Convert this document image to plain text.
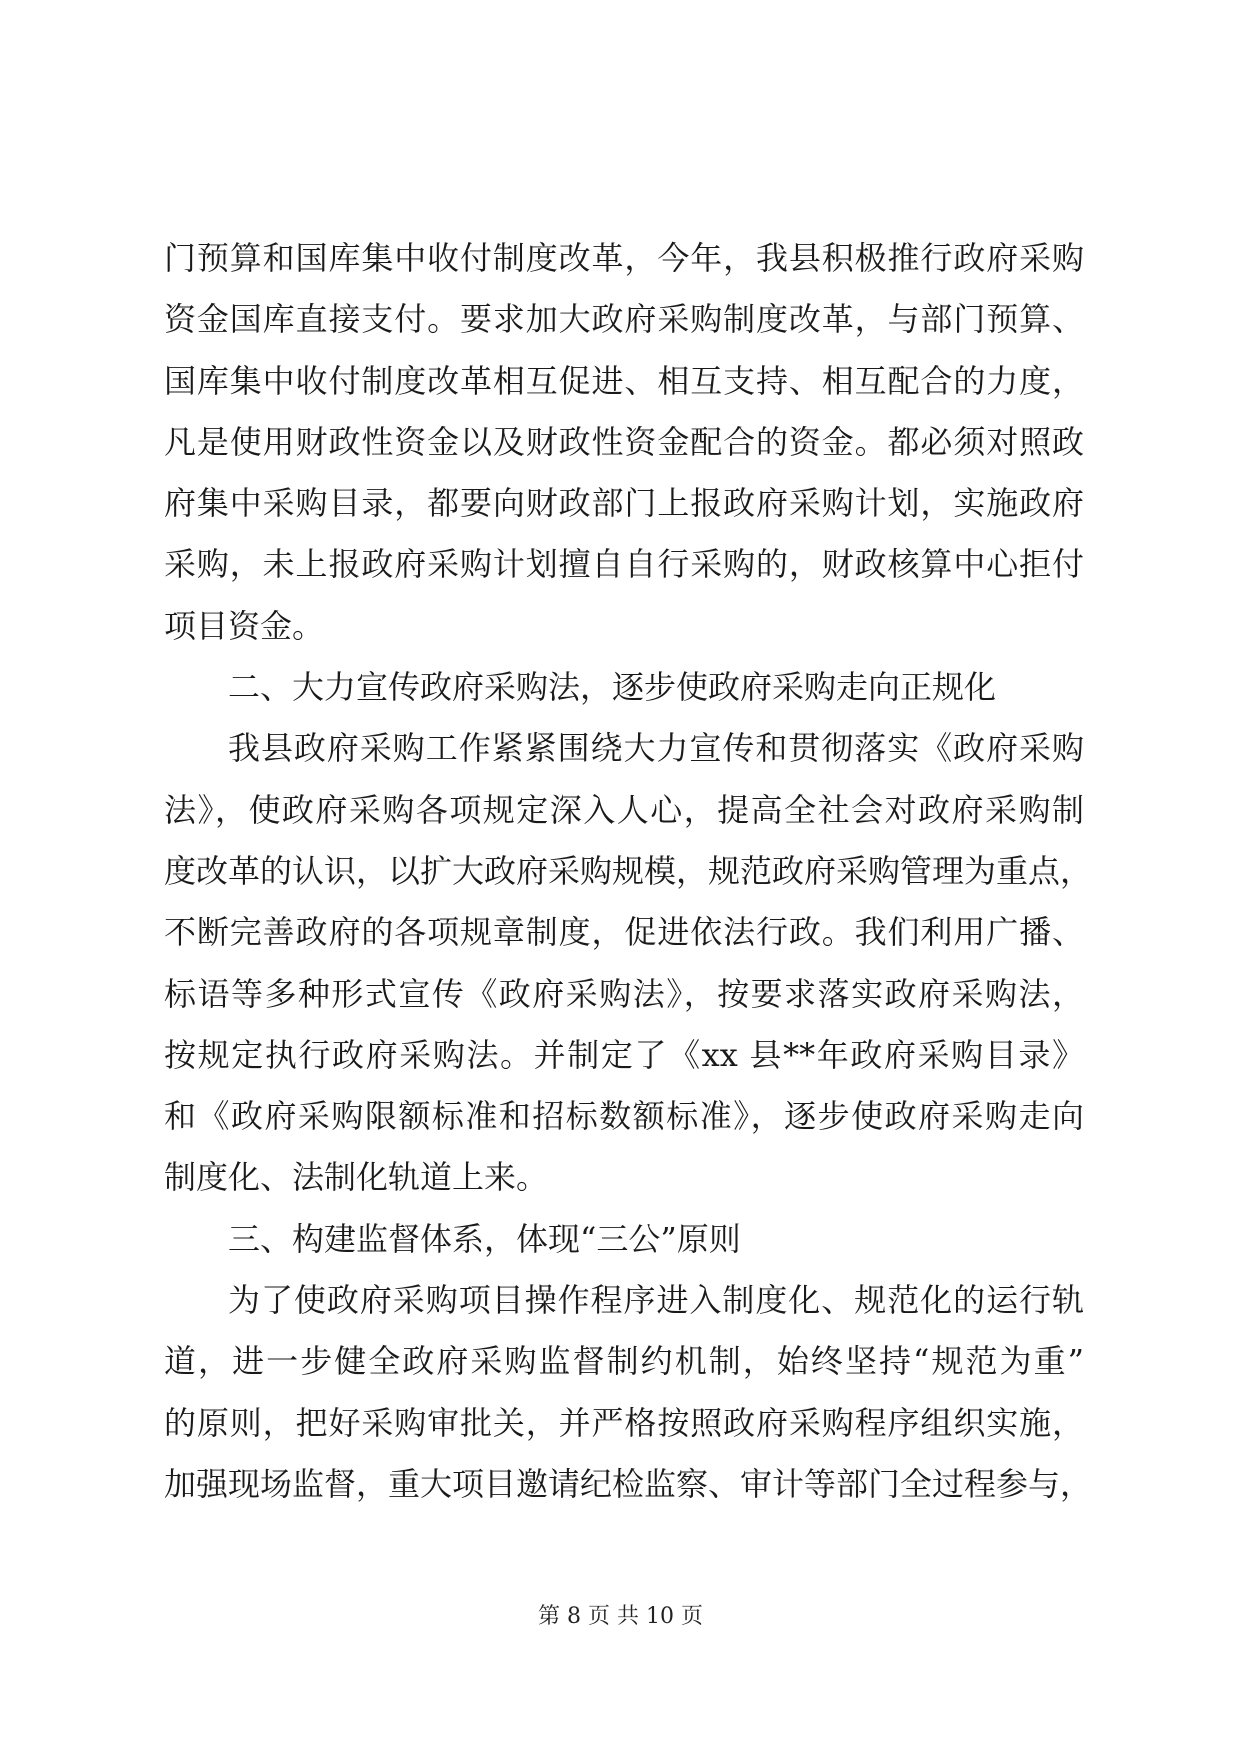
门预算和国库集中收付制度改革，今年，我县积极推行政府采购
资金国库直接支付。要求加大政府采购制度改革，与部门预算、
国库集中收付制度改革相互促进、相互支持、相互配合的力度，
凡是使用财政性资金以及财政性资金配合的资金。都必须对照政
府集中采购目录，都要向财政部门上报政府采购计划，实施政府
采购，未上报政府采购计划擅自自行采购的，财政核算中心拒付
项目资金。
二、大力宣传政府采购法，逐步使政府采购走向正规化
我县政府采购工作紧紧围绕大力宣传和贯彻落实《政府采购
法》，使政府采购各项规定深入人心，提高全社会对政府采购制
度改革的认识，以扩大政府采购规模，规范政府采购管理为重点，
不断完善政府的各项规章制度，促进依法行政。我们利用广播、
标语等多种形式宣传《政府采购法》，按要求落实政府采购法，
按规定执行政府采购法。并制定了《xx 县**年政府采购目录》
和《政府采购限额标准和招标数额标准》，逐步使政府采购走向
制度化、法制化轨道上来。
三、构建监督体系，体现“三公”原则
为了使政府采购项目操作程序进入制度化、规范化的运行轨
道，进一步健全政府采购监督制约机制，始终坚持“规范为重”
的原则，把好采购审批关，并严格按照政府采购程序组织实施，
加强现场监督，重大项目邀请纪检监察、审计等部门全过程参与，
第 8 页 共 10 页
